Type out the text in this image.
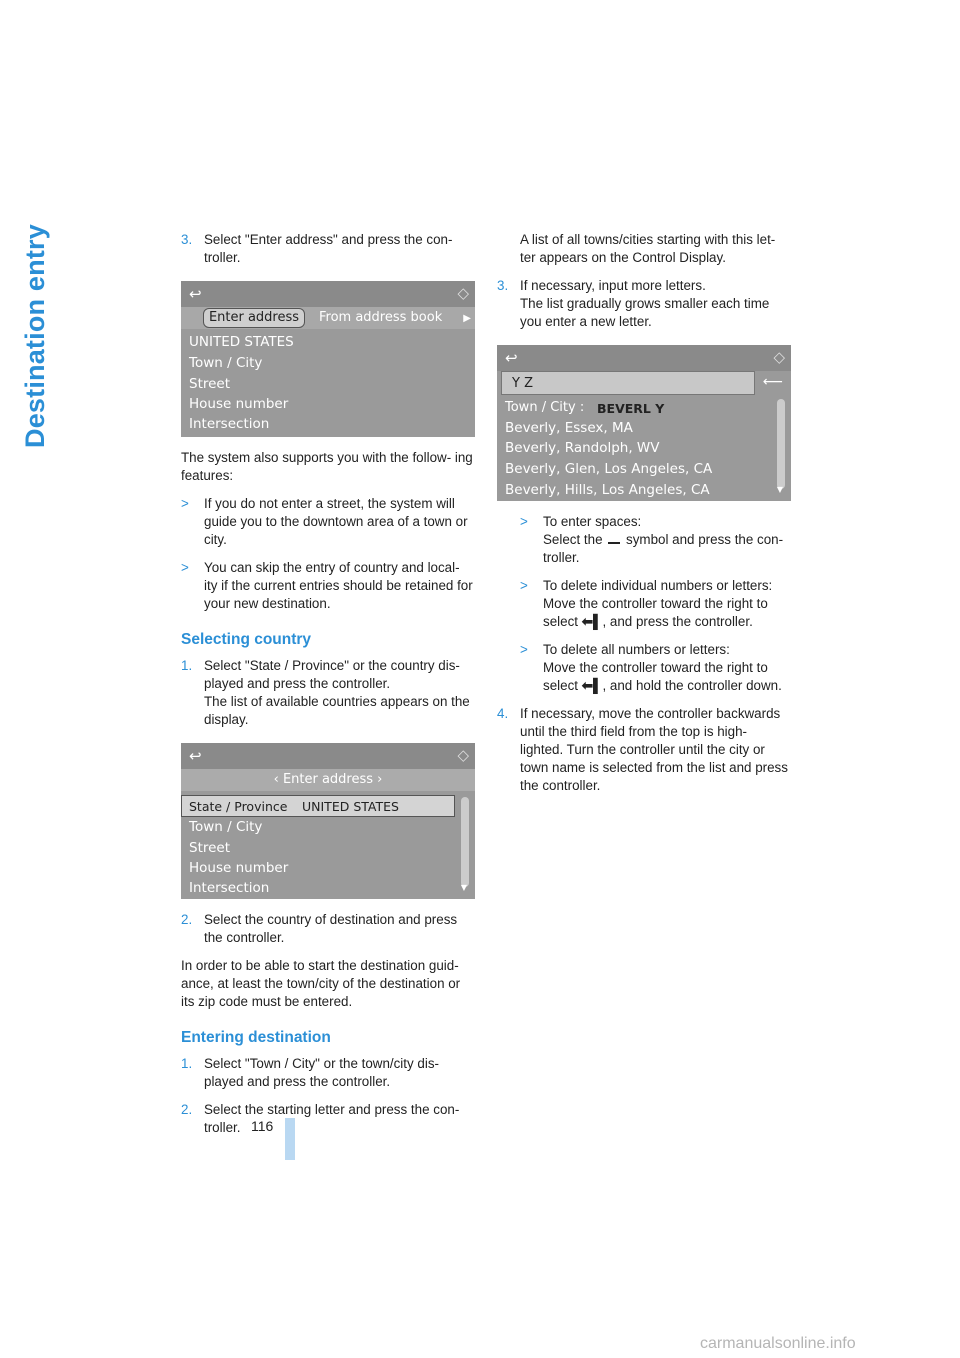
Destination entry	3. Select "Enter address" and press the con- troller.
↩	◇
Enter address	From address book ▶
UNITED STATES
Town / City
Street
House number
Intersection

The system also supports you with the follow- ing features:

>	If you do not enter a street, the system will guide you to the downtown area of a town or city.
>	You can skip the entry of country and local- ity if the current entries should be retained for your new destination.
Selecting country
1. Select "State / Province" or the country dis- played and press the controller.
The list of available countries appears on the display.
↩	◇
‹ Enter address ›
State / Province UNITED STATES
Town / City
Street
House number
Intersection	▼
2. Select the country of destination and press the controller.

In order to be able to start the destination guid- ance, at least the town/city of the destination or its zip code must be entered.

Entering destination
1. Select "Town / City" or the town/city dis- played and press the controller.
2. Select the starting letter and press the con- troller.

A list of all towns/cities starting with this let- ter appears on the Control Display.

3. If necessary, input more letters.
The list gradually grows smaller each time you enter a new letter.
↩	◇
Y Z	⟵
Town / City : BEVERL Y
Beverly, Essex, MA
Beverly, Randolph, WV
Beverly, Glen, Los Angeles, CA
Beverly, Hills, Los Angeles, CA	▼
>	To enter spaces:
Select the symbol and press the con- troller.
>	To delete individual numbers or letters:
Move the controller toward the right to select ⬅▌, and press the controller.
>	To delete all numbers or letters:
Move the controller toward the right to select ⬅▌, and hold the controller down.
4. If necessary, move the controller backwards until the third field from the top is high- lighted. Turn the controller until the city or town name is selected from the list and press the controller.
116
carmanualsonline.info
